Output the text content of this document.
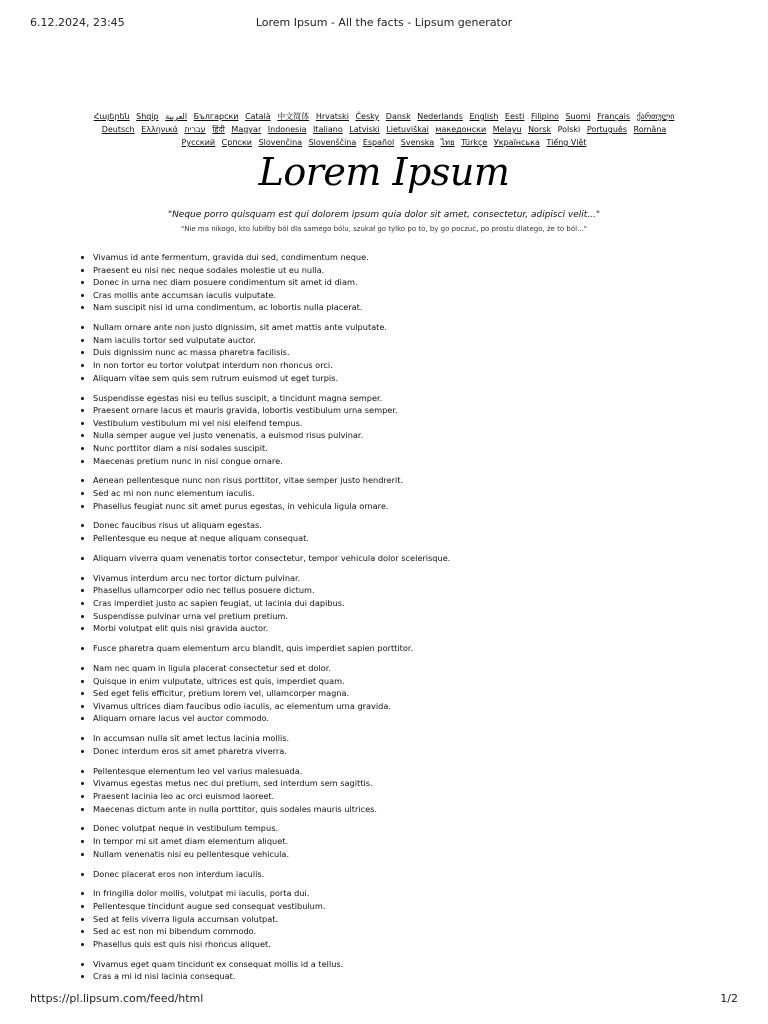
6.12.2024, 23:45	Lorem Ipsum - All the facts - Lipsum generator
Հայերեն Shqip العربية Български Català 中文简体 Hrvatski Česky Dansk Nederlands English Eesti Filipino Suomi Français ქართული Deutsch Ελληνικά עברית हिंदी Magyar Indonesia Italiano Latviski Lietuviškai македонски Melayu Norsk Polski Português Româna Pyccкий Српски Slovenčina Slovenščina Español Svenska ไทย Türkçe Українська Tiếng Việt
Lorem Ipsum
"Neque porro quisquam est qui dolorem ipsum quia dolor sit amet, consectetur, adipisci velit..."
"Nie ma nikogo, kto lubiłby ból dla samego bólu, szukał go tylko po to, by go poczuć, po prostu dlatego, że to ból..."
• Vivamus id ante fermentum, gravida dui sed, condimentum neque.
• Praesent eu nisi nec neque sodales molestie ut eu nulla.
• Donec in urna nec diam posuere condimentum sit amet id diam.
• Cras mollis ante accumsan iaculis vulputate.
• Nam suscipit nisi id urna condimentum, ac lobortis nulla placerat.
• Nullam ornare ante non justo dignissim, sit amet mattis ante vulputate.
• Nam iaculis tortor sed vulputate auctor.
• Duis dignissim nunc ac massa pharetra facilisis.
• In non tortor eu tortor volutpat interdum non rhoncus orci.
• Aliquam vitae sem quis sem rutrum euismod ut eget turpis.
• Suspendisse egestas nisi eu tellus suscipit, a tincidunt magna semper.
• Praesent ornare lacus et mauris gravida, lobortis vestibulum urna semper.
• Vestibulum vestibulum mi vel nisi eleifend tempus.
• Nulla semper augue vel justo venenatis, a euismod risus pulvinar.
• Nunc porttitor diam a nisi sodales suscipit.
• Maecenas pretium nunc in nisi congue ornare.
• Aenean pellentesque nunc non risus porttitor, vitae semper justo hendrerit.
• Sed ac mi non nunc elementum iaculis.
• Phasellus feugiat nunc sit amet purus egestas, in vehicula ligula ornare.
• Donec faucibus risus ut aliquam egestas.
• Pellentesque eu neque at neque aliquam consequat.
• Aliquam viverra quam venenatis tortor consectetur, tempor vehicula dolor scelerisque.
• Vivamus interdum arcu nec tortor dictum pulvinar.
• Phasellus ullamcorper odio nec tellus posuere dictum.
• Cras imperdiet justo ac sapien feugiat, ut lacinia dui dapibus.
• Suspendisse pulvinar urna vel pretium pretium.
• Morbi volutpat elit quis nisi gravida auctor.
• Fusce pharetra quam elementum arcu blandit, quis imperdiet sapien porttitor.
• Nam nec quam in ligula placerat consectetur sed et dolor.
• Quisque in enim vulputate, ultrices est quis, imperdiet quam.
• Sed eget felis efficitur, pretium lorem vel, ullamcorper magna.
• Vivamus ultrices diam faucibus odio iaculis, ac elementum urna gravida.
• Aliquam ornare lacus vel auctor commodo.
• In accumsan nulla sit amet lectus lacinia mollis.
• Donec interdum eros sit amet pharetra viverra.
• Pellentesque elementum leo vel varius malesuada.
• Vivamus egestas metus nec dui pretium, sed interdum sem sagittis.
• Praesent lacinia leo ac orci euismod laoreet.
• Maecenas dictum ante in nulla porttitor, quis sodales mauris ultrices.
• Donec volutpat neque in vestibulum tempus.
• In tempor mi sit amet diam elementum aliquet.
• Nullam venenatis nisi eu pellentesque vehicula.
• Donec placerat eros non interdum iaculis.
• In fringilla dolor mollis, volutpat mi iaculis, porta dui.
• Pellentesque tincidunt augue sed consequat vestibulum.
• Sed at felis viverra ligula accumsan volutpat.
• Sed ac est non mi bibendum commodo.
• Phasellus quis est quis nisi rhoncus aliquet.
• Vivamus eget quam tincidunt ex consequat mollis id a tellus.
• Cras a mi id nisi lacinia consequat.
https://pl.lipsum.com/feed/html	1/2
